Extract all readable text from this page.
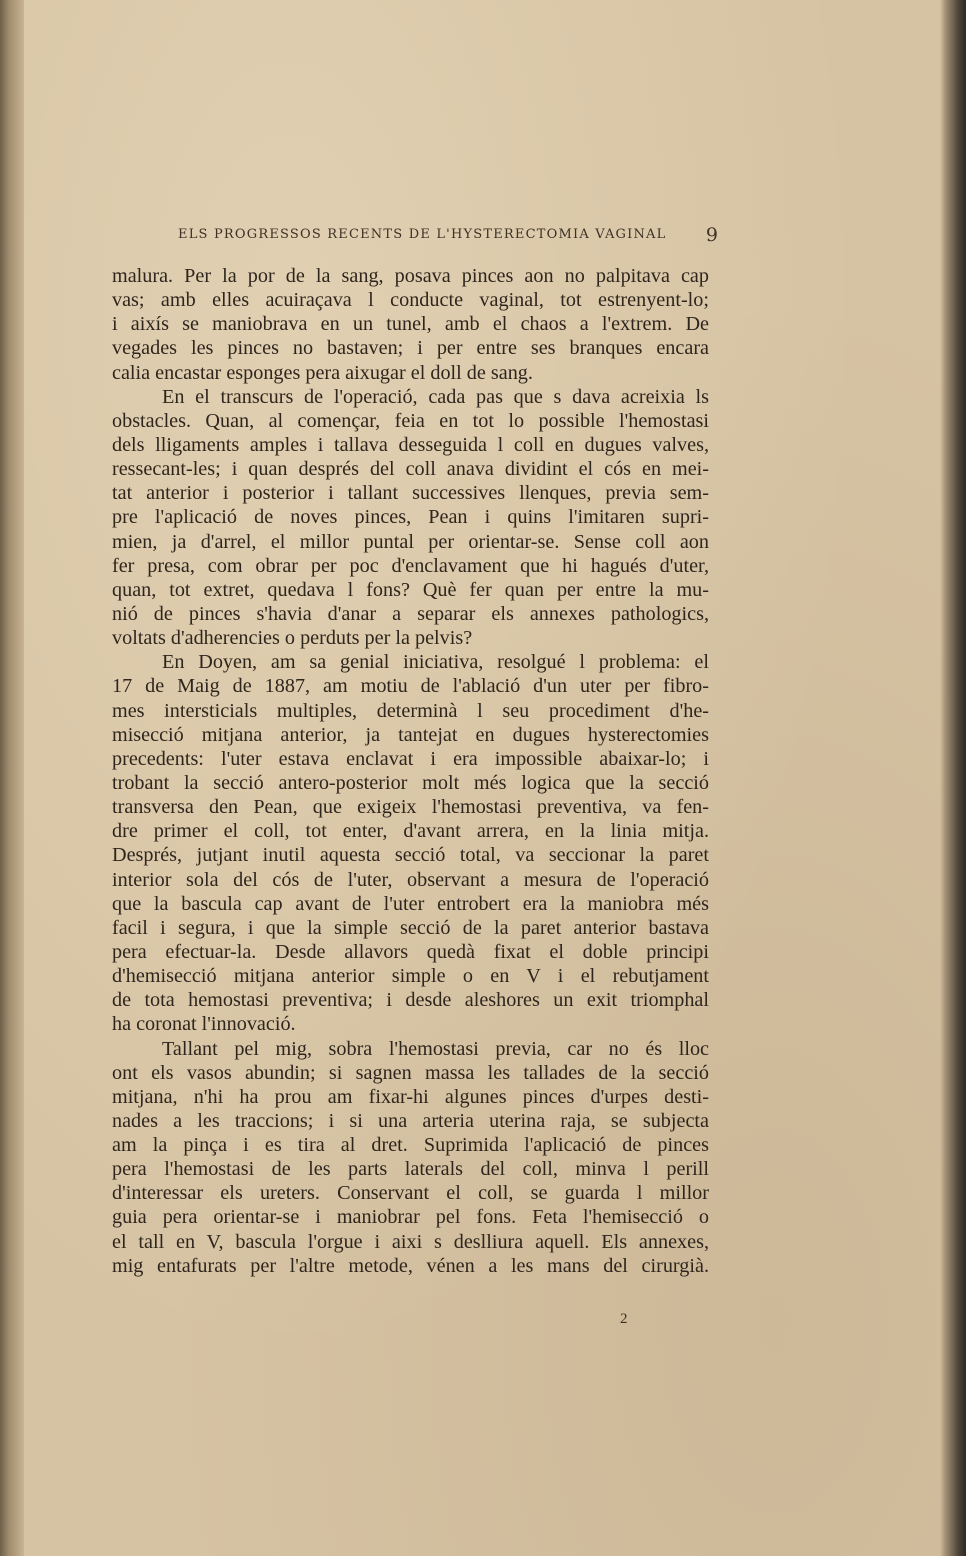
ELS PROGRESSOS RECENTS DE L'HYSTERECTOMIA VAGINAL 9
malura. Per la por de la sang, posava pinces aon no palpitava cap
vas; amb elles acuiraçava l conducte vaginal, tot estrenyent-lo;
i aixís se maniobrava en un tunel, amb el chaos a l'extrem. De
vegades les pinces no bastaven; i per entre ses branques encara
calia encastar esponges pera aixugar el doll de sang.
En el transcurs de l'operació, cada pas que s dava acreixia ls
obstacles. Quan, al començar, feia en tot lo possible l'hemostasi
dels lligaments amples i tallava desseguida l coll en dugues valves,
ressecant-les; i quan després del coll anava dividint el cós en mei-
tat anterior i posterior i tallant successives llenques, previa sem-
pre l'aplicació de noves pinces, Pean i quins l'imitaren supri-
mien, ja d'arrel, el millor puntal per orientar-se. Sense coll aon
fer presa, com obrar per poc d'enclavament que hi hagués d'uter,
quan, tot extret, quedava l fons? Què fer quan per entre la mu-
nió de pinces s'havia d'anar a separar els annexes pathologics,
voltats d'adherencies o perduts per la pelvis?
En Doyen, am sa genial iniciativa, resolgué l problema: el
17 de Maig de 1887, am motiu de l'ablació d'un uter per fibro-
mes intersticials multiples, determinà l seu procediment d'he-
misecció mitjana anterior, ja tantejat en dugues hysterectomies
precedents: l'uter estava enclavat i era impossible abaixar-lo; i
trobant la secció antero-posterior molt més logica que la secció
transversa den Pean, que exigeix l'hemostasi preventiva, va fen-
dre primer el coll, tot enter, d'avant arrera, en la linia mitja.
Després, jutjant inutil aquesta secció total, va seccionar la paret
interior sola del cós de l'uter, observant a mesura de l'operació
que la bascula cap avant de l'uter entrobert era la maniobra més
facil i segura, i que la simple secció de la paret anterior bastava
pera efectuar-la. Desde allavors quedà fixat el doble principi
d'hemisecció mitjana anterior simple o en V i el rebutjament
de tota hemostasi preventiva; i desde aleshores un exit triomphal
ha coronat l'innovació.
Tallant pel mig, sobra l'hemostasi previa, car no és lloc
ont els vasos abundin; si sagnen massa les tallades de la secció
mitjana, n'hi ha prou am fixar-hi algunes pinces d'urpes desti-
nades a les traccions; i si una arteria uterina raja, se subjecta
am la pinça i es tira al dret. Suprimida l'aplicació de pinces
pera l'hemostasi de les parts laterals del coll, minva l perill
d'interessar els ureters. Conservant el coll, se guarda l millor
guia pera orientar-se i maniobrar pel fons. Feta l'hemisecció o
el tall en V, bascula l'orgue i aixi s deslliura aquell. Els annexes,
mig entafurats per l'altre metode, vénen a les mans del cirurgià.
2
